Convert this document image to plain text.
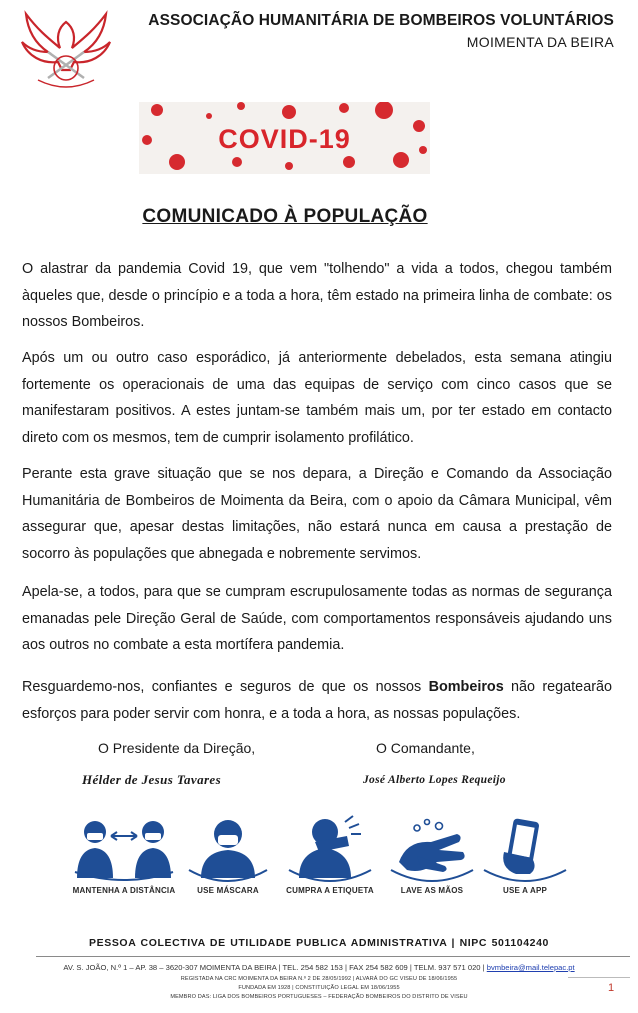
ASSOCIAÇÃO HUMANITÁRIA DE BOMBEIROS VOLUNTÁRIOS
MOIMENTA DA BEIRA
COVID-19
COMUNICADO À POPULAÇÃO
O alastrar da pandemia Covid 19, que vem "tolhendo" a vida a todos, chegou também àqueles que, desde o princípio e a toda a hora, têm estado na primeira linha de combate: os nossos Bombeiros.
Após um ou outro caso esporádico, já anteriormente debelados, esta semana atingiu fortemente os operacionais de uma das equipas de serviço com cinco casos que se manifestaram positivos. A estes juntam-se também mais um, por ter estado em contacto direto com os mesmos, tem de cumprir isolamento profilático.
Perante esta grave situação que se nos depara, a Direção e Comando da Associação Humanitária de Bombeiros de Moimenta da Beira, com o apoio da Câmara Municipal, vêm assegurar que, apesar destas limitações, não estará nunca em causa a prestação de socorro às populações que abnegada e nobremente servimos.
Apela-se, a todos, para que se cumpram escrupulosamente todas as normas de segurança emanadas pele Direção Geral de Saúde, com comportamentos responsáveis ajudando uns aos outros no combate a esta mortífera pandemia.
Resguardemo-nos, confiantes e seguros de que os nossos Bombeiros não regatearão esforços para poder servir com honra, e a toda a hora, as nossas populações.
O Presidente da Direção,	O Comandante,
Hélder de Jesus Tavares	José Alberto Lopes Requeijo
MANTENHA A DISTÂNCIA	USE MÁSCARA	CUMPRA A ETIQUETA	LAVE AS MÃOS	USE A APP
PESSOA COLECTIVA DE UTILIDADE PUBLICA ADMINISTRATIVA | NIPC 501104240
AV. S. JOÃO, N.º 1 – AP. 38 – 3620-307 MOIMENTA DA BEIRA | TEL. 254 582 153 | FAX 254 582 609 | TELM. 937 571 020 | bvmbeira@mail.telepac.pt
REGISTADA NA CRC MOIMENTA DA BEIRA N.º 2 DE 28/05/1992 | ALVARÁ DO GC VISEU DE 18/06/1955
FUNDADA EM 1928 | CONSTITUIÇÃO LEGAL EM 18/06/1955
MEMBRO DAS: LIGA DOS BOMBEIROS PORTUGUESES – FEDERAÇÃO BOMBEIROS DO DISTRITO DE VISEU
1
